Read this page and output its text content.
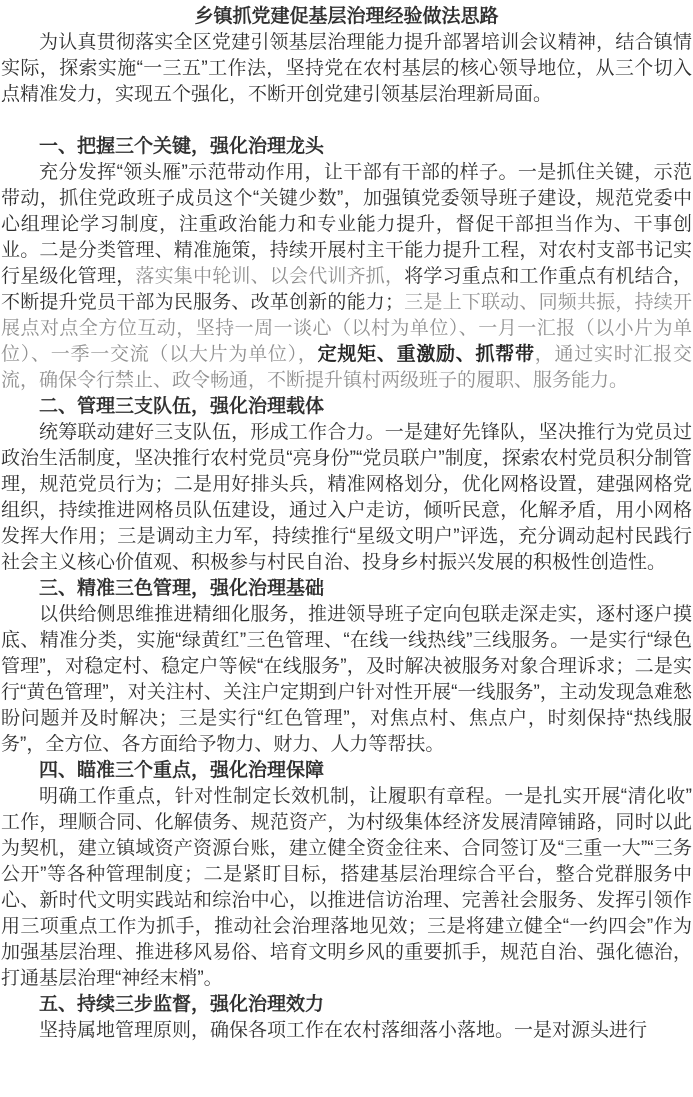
乡镇抓党建促基层治理经验做法思路

为认真贯彻落实全区党建引领基层治理能力提升部署培训会议精神，结合镇情实际，探索实施“一三五”工作法，坚持党在农村基层的核心领导地位，从三个切入点精准发力，实现五个强化，不断开创党建引领基层治理新局面。

一、把握三个关键，强化治理龙头

充分发挥“领头雁”示范带动作用，让干部有干部的样子。一是抓住关键，示范带动，抓住党政班子成员这个“关键少数”，加强镇党委领导班子建设，规范党委中心组理论学习制度，注重政治能力和专业能力提升，督促干部担当作为、干事创业。二是分类管理、精准施策，持续开展村主干能力提升工程，对农村支部书记实行星级化管理，落实集中轮训、以会代训齐抓，将学习重点和工作重点有机结合，不断提升党员干部为民服务、改革创新的能力；三是上下联动、同频共振，持续开展点对点全方位互动，坚持一周一谈心（以村为单位）、一月一汇报（以小片为单位）、一季一交流（以大片为单位），定规矩、重激励、抓帮带，通过实时汇报交流，确保令行禁止、政令畅通，不断提升镇村两级班子的履职、服务能力。

二、管理三支队伍，强化治理载体

统筹联动建好三支队伍，形成工作合力。一是建好先锋队，坚决推行为党员过政治生活制度，坚决推行农村党员“亮身份”“党员联户”制度，探索农村党员积分制管理，规范党员行为；二是用好排头兵，精准网格划分，优化网格设置，建强网格党组织，持续推进网格员队伍建设，通过入户走访，倾听民意，化解矛盾，用小网格发挥大作用；三是调动主力军，持续推行“星级文明户”评选，充分调动起村民践行社会主义核心价值观、积极参与村民自治、投身乡村振兴发展的积极性创造性。

三、精准三色管理，强化治理基础

以供给侧思维推进精细化服务，推进领导班子定向包联走深走实，逐村逐户摸底、精准分类，实施“绿黄红”三色管理、“在线一线热线”三线服务。一是实行“绿色管理”，对稳定村、稳定户等候“在线服务”，及时解决被服务对象合理诉求；二是实行“黄色管理”，对关注村、关注户定期到户针对性开展“一线服务”，主动发现急难愁盼问题并及时解决；三是实行“红色管理”，对焦点村、焦点户，时刻保持“热线服务”，全方位、各方面给予物力、财力、人力等帮扶。

四、瞄准三个重点，强化治理保障

明确工作重点，针对性制定长效机制，让履职有章程。一是扎实开展“清化收”工作，理顺合同、化解债务、规范资产，为村级集体经济发展清障铺路，同时以此为契机，建立镇域资产资源台账，建立健全资金往来、合同签订及“三重一大”“三务公开”等各种管理制度；二是紧盯目标，搭建基层治理综合平台，整合党群服务中心、新时代文明实践站和综治中心，以推进信访治理、完善社会服务、发挥引领作用三项重点工作为抓手，推动社会治理落地见效；三是将建立健全“一约四会”作为加强基层治理、推进移风易俗、培育文明乡风的重要抓手，规范自治、强化德治，打通基层治理“神经末梢”。

五、持续三步监督，强化治理效力

坚持属地管理原则，确保各项工作在农村落细落小落地。一是对源头进行
